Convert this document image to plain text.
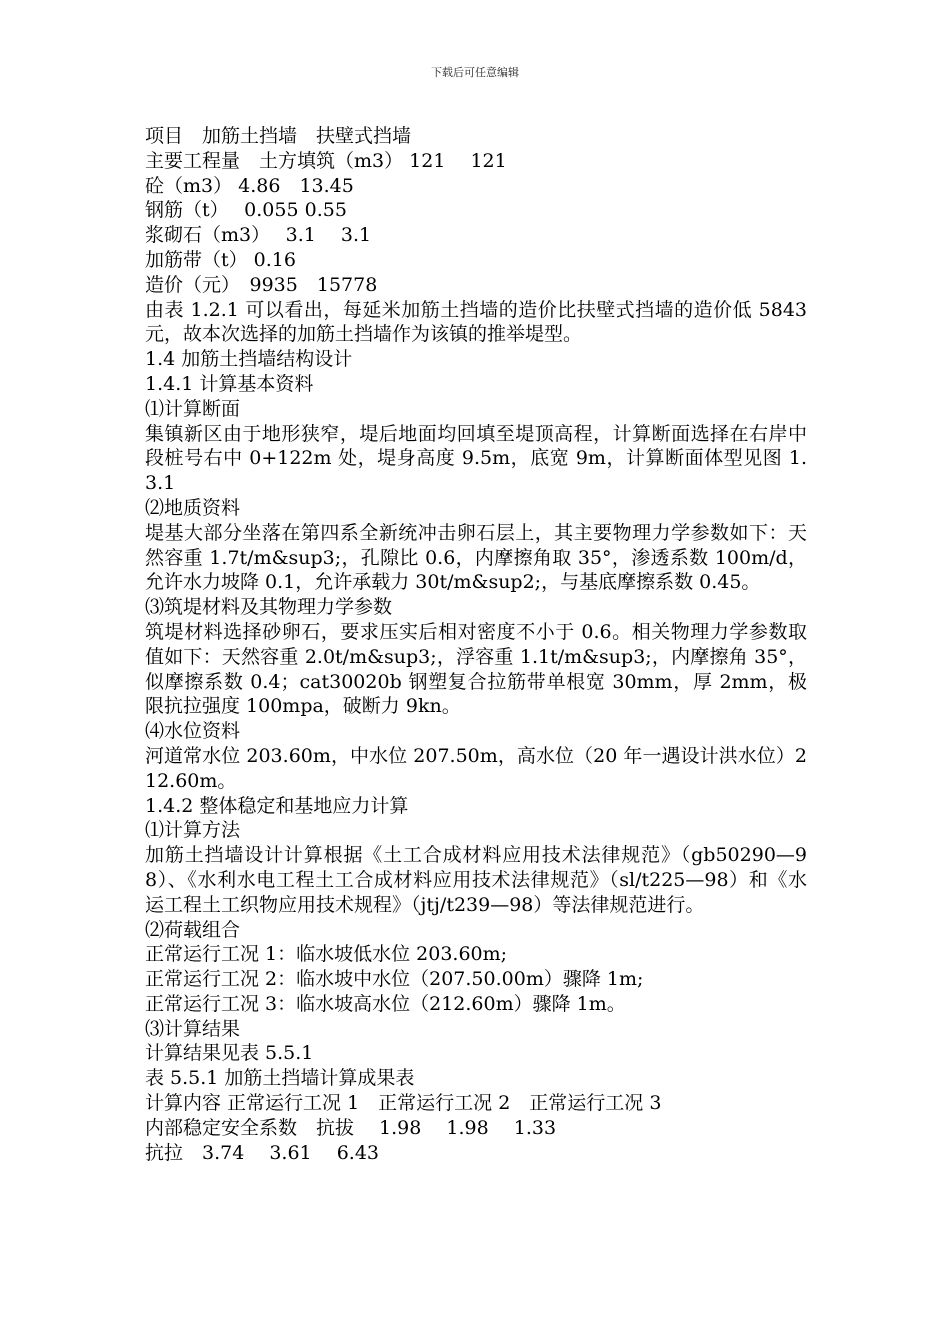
下载后可任意编辑
项目　加筋土挡墙　扶壁式挡墙
主要工程量　土方填筑（m3） 121　 121
砼（m3） 4.86　13.45
钢筋（t）　 0.055 0.55
浆砌石（m3）　 3.1　 3.1
加筋带（t） 0.16
造价（元）　9935　15778

由表 1.2.1 可以看出，每延米加筋土挡墙的造价比扶壁式挡墙的造价低 5843 元，故本次选择的加筋土挡墙作为该镇的推举堤型。

1.4 加筋土挡墙结构设计
1.4.1 计算基本资料
⑴计算断面

集镇新区由于地形狭窄，堤后地面均回填至堤顶高程，计算断面选择在右岸中段桩号右中 0+122m 处，堤身高度 9.5m，底宽 9m，计算断面体型见图 1.3.1

⑵地质资料

堤基大部分坐落在第四系全新统冲击卵石层上，其主要物理力学参数如下：天然容重 1.7t/m&sup3;，孔隙比 0.6，内摩擦角取 35°，渗透系数 100m/d，允许水力坡降 0.1，允许承载力 30t/m&sup2;，与基底摩擦系数 0.45。

⑶筑堤材料及其物理力学参数

筑堤材料选择砂卵石，要求压实后相对密度不小于 0.6。相关物理力学参数取值如下：天然容重 2.0t/m&sup3;，浮容重 1.1t/m&sup3;，内摩擦角 35°，似摩擦系数 0.4；cat30020b 钢塑复合拉筋带单根宽 30mm，厚 2mm，极限抗拉强度 100mpa，破断力 9kn。

⑷水位资料

河道常水位 203.60m，中水位 207.50m，高水位（20 年一遇设计洪水位）212.60m。

1.4.2 整体稳定和基地应力计算
⑴计算方法

加筋土挡墙设计计算根据《土工合成材料应用技术法律规范》（gb50290—98）、《水利水电工程土工合成材料应用技术法律规范》（sl/t225—98）和《水运工程土工织物应用技术规程》（jtj/t239—98）等法律规范进行。

⑵荷载组合
正常运行工况 1：临水坡低水位 203.60m;
正常运行工况 2：临水坡中水位（207.50.00m）骤降 1m;
正常运行工况 3：临水坡高水位（212.60m）骤降 1m。
⑶计算结果
计算结果见表 5.5.1
表 5.5.1 加筋土挡墙计算成果表
计算内容 正常运行工况 1　正常运行工况 2　正常运行工况 3
内部稳定安全系数　抗拔　 1.98　 1.98　 1.33
抗拉　3.74　 3.61　 6.43
